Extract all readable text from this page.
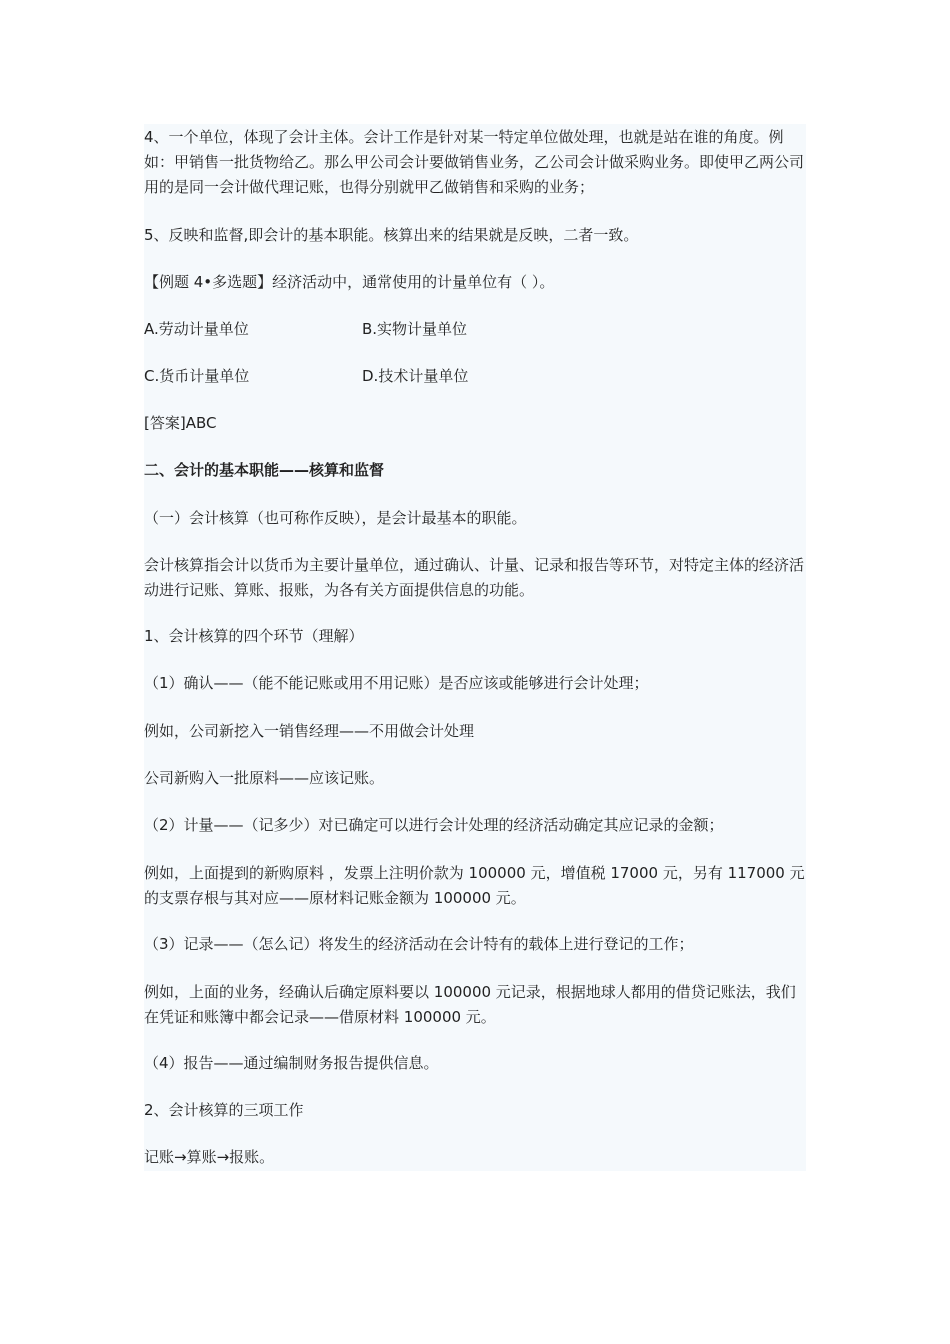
4、一个单位，体现了会计主体。会计工作是针对某一特定单位做处理，也就是站在谁的角度。例如：甲销售一批货物给乙。那么甲公司会计要做销售业务，乙公司会计做采购业务。即使甲乙两公司用的是同一会计做代理记账，也得分别就甲乙做销售和采购的业务；

5、反映和监督,即会计的基本职能。核算出来的结果就是反映，二者一致。

【例题 4•多选题】经济活动中，通常使用的计量单位有（ ）。

A.劳动计量单位	B.实物计量单位
C.货币计量单位	D.技术计量单位

[答案]ABC

二、会计的基本职能——核算和监督

（一）会计核算（也可称作反映），是会计最基本的职能。

会计核算指会计以货币为主要计量单位，通过确认、计量、记录和报告等环节，对特定主体的经济活动进行记账、算账、报账，为各有关方面提供信息的功能。

1、会计核算的四个环节（理解）

（1）确认——（能不能记账或用不用记账）是否应该或能够进行会计处理；

例如，公司新挖入一销售经理——不用做会计处理

公司新购入一批原料——应该记账。

（2）计量——（记多少）对已确定可以进行会计处理的经济活动确定其应记录的金额；

例如，上面提到的新购原料 ，发票上注明价款为 100000 元，增值税 17000 元，另有 117000 元的支票存根与其对应——原材料记账金额为 100000 元。

（3）记录——（怎么记）将发生的经济活动在会计特有的载体上进行登记的工作；

例如，上面的业务，经确认后确定原料要以 100000 元记录，根据地球人都用的借贷记账法，我们在凭证和账簿中都会记录——借原材料 100000 元。

（4）报告——通过编制财务报告提供信息。

2、会计核算的三项工作

记账→算账→报账。
